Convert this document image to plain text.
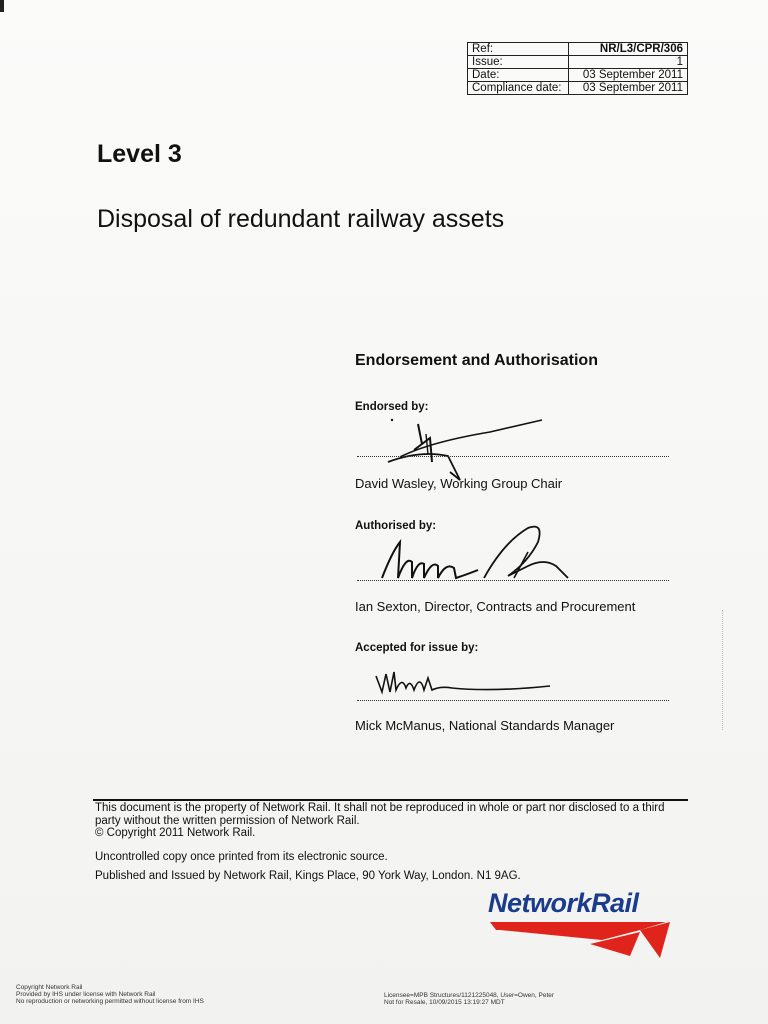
Ref:	NR/L3/CPR/306
Issue:	1
Date:	03 September 2011
Compliance date:	03 September 2011
Level 3
Disposal of redundant railway assets
Endorsement and Authorisation
Endorsed by:
David Wasley, Working Group Chair
Authorised by:
Ian Sexton, Director, Contracts and Procurement
Accepted for issue by:
Mick McManus, National Standards Manager
This document is the property of Network Rail. It shall not be reproduced in whole or part nor disclosed to a third party without the written permission of Network Rail.
© Copyright 2011 Network Rail.
Uncontrolled copy once printed from its electronic source.
Published and Issued by Network Rail, Kings Place, 90 York Way, London. N1 9AG.
NetworkRail
Copyright Network Rail
Provided by IHS under license with Network Rail
No reproduction or networking permitted without license from IHS
Licensee=MPB Structures/1121225048, User=Owen, Peter
Not for Resale, 10/09/2015 13:19:27 MDT
